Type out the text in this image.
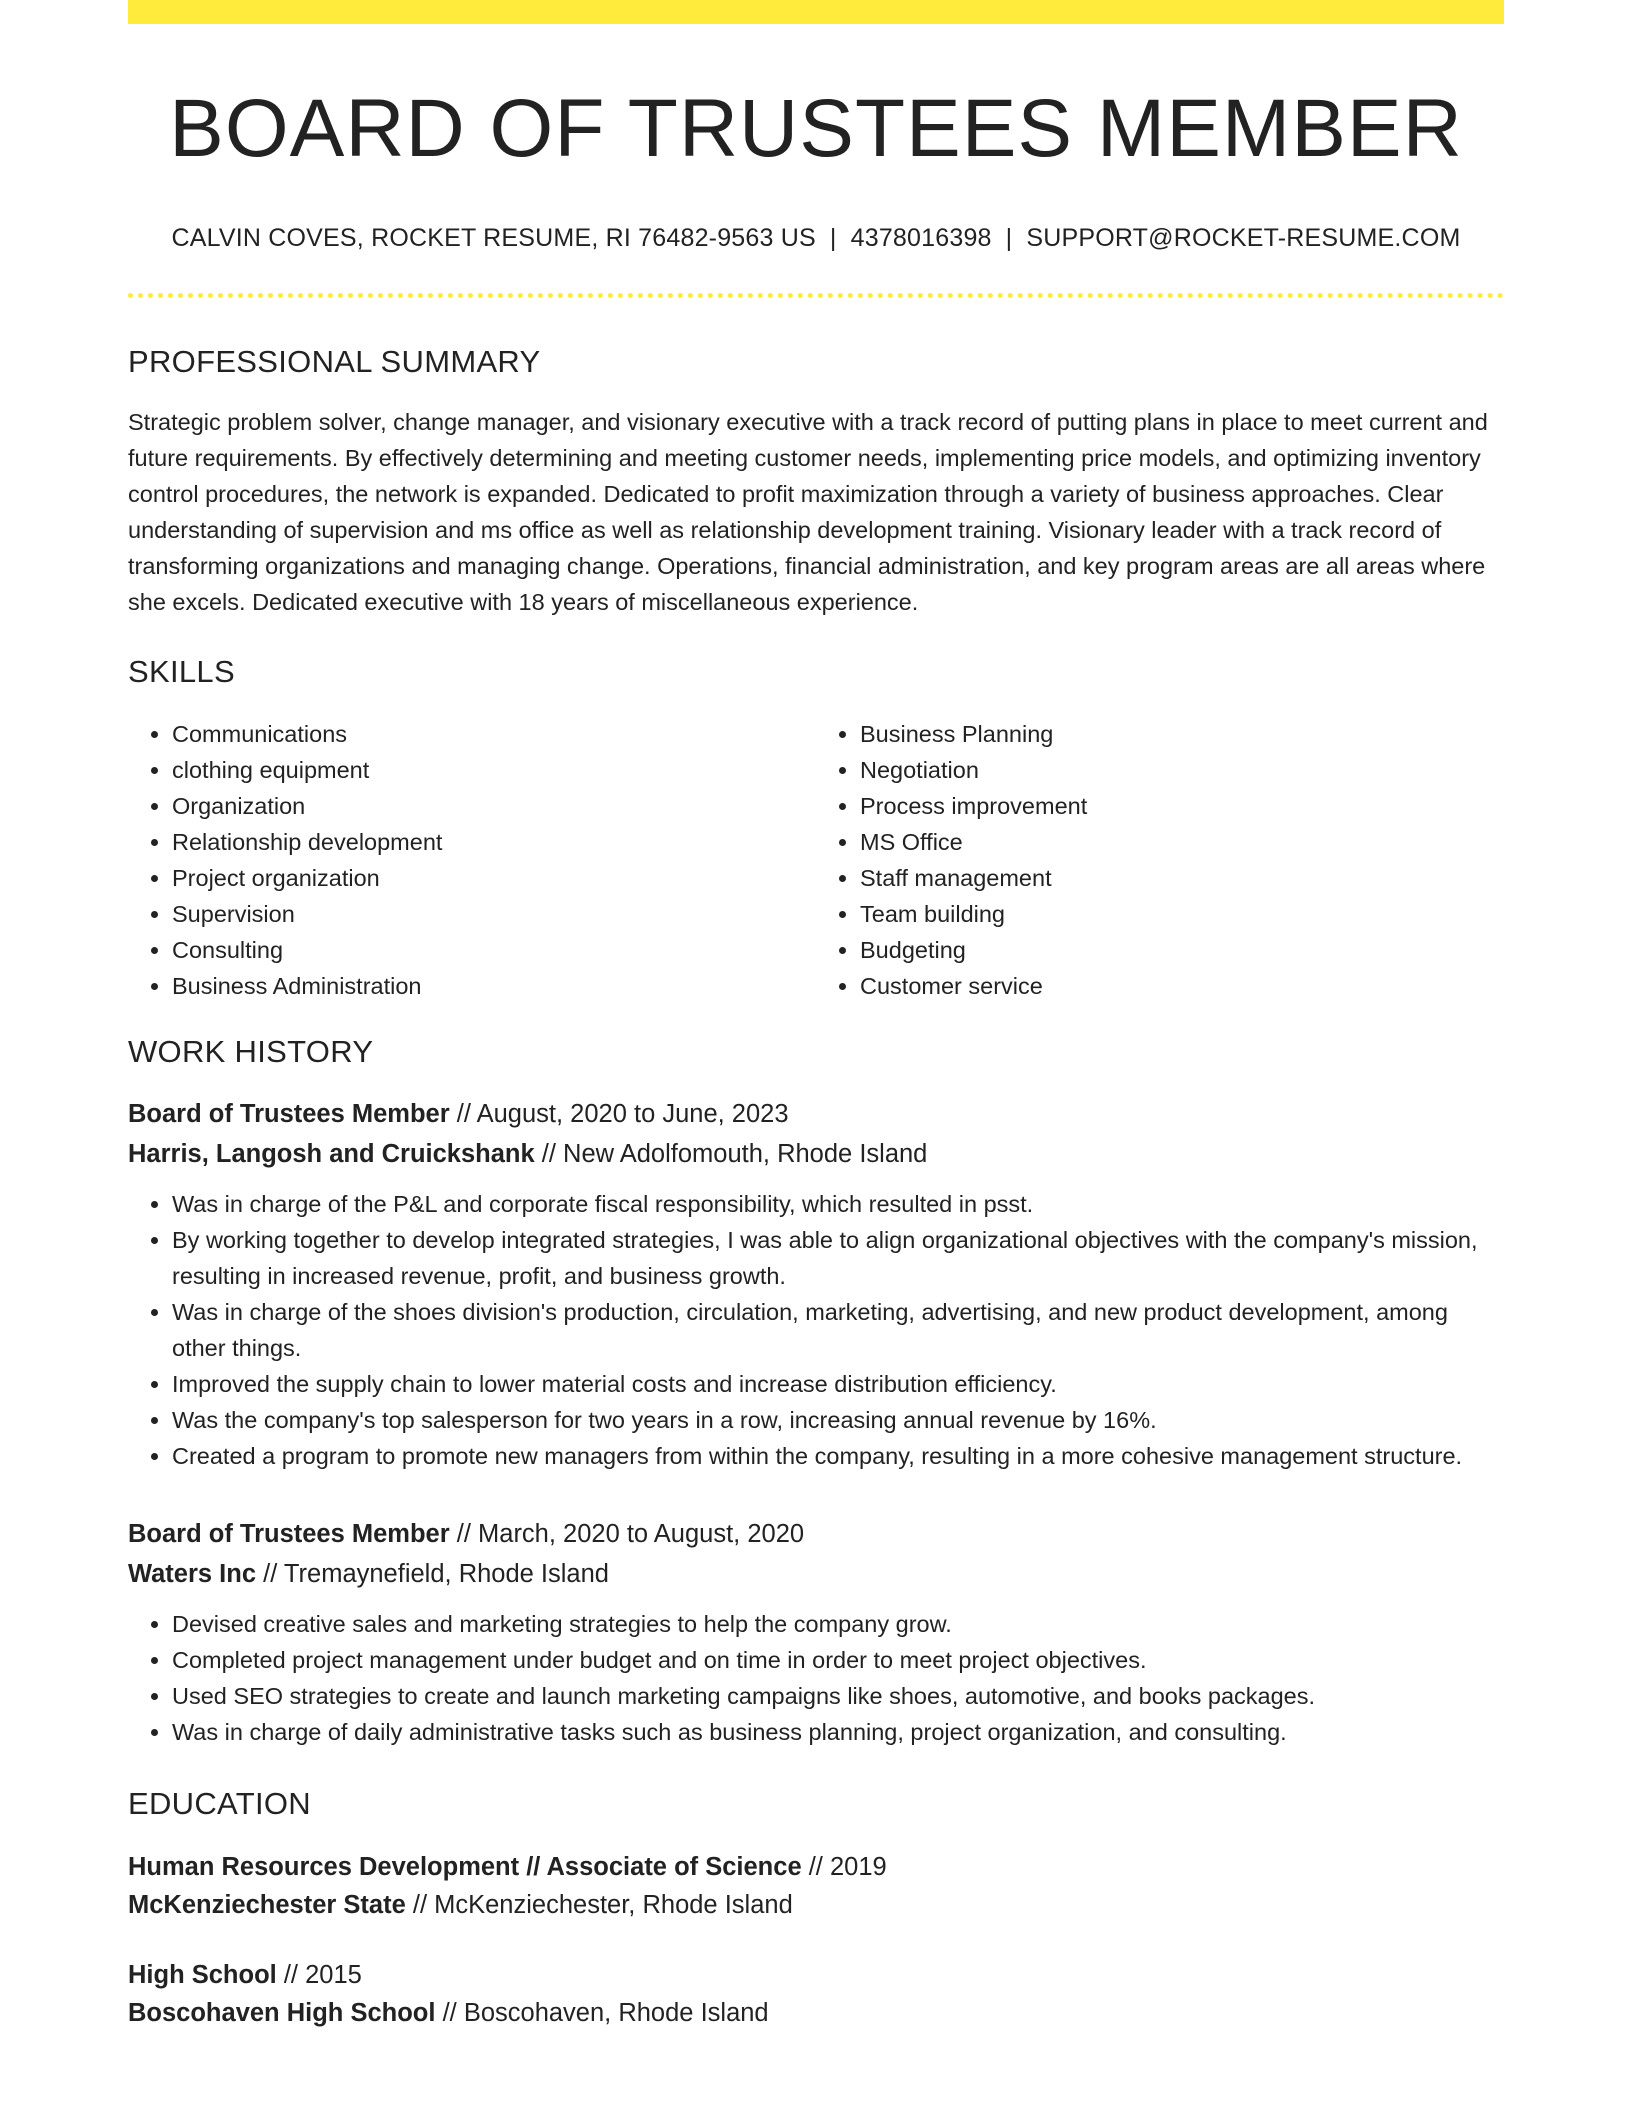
BOARD OF TRUSTEES MEMBER
CALVIN COVES, ROCKET RESUME, RI 76482-9563 US | 4378016398 | SUPPORT@ROCKET-RESUME.COM
PROFESSIONAL SUMMARY

Strategic problem solver, change manager, and visionary executive with a track record of putting plans in place to meet current and future requirements. By effectively determining and meeting customer needs, implementing price models, and optimizing inventory control procedures, the network is expanded. Dedicated to profit maximization through a variety of business approaches. Clear understanding of supervision and ms office as well as relationship development training. Visionary leader with a track record of transforming organizations and managing change. Operations, financial administration, and key program areas are all areas where she excels. Dedicated executive with 18 years of miscellaneous experience.

SKILLS
• Communications
• clothing equipment
• Organization
• Relationship development
• Project organization
• Supervision
• Consulting
• Business Administration
• Business Planning
• Negotiation
• Process improvement
• MS Office
• Staff management
• Team building
• Budgeting
• Customer service
WORK HISTORY
Board of Trustees Member // August, 2020 to June, 2023
Harris, Langosh and Cruickshank // New Adolfomouth, Rhode Island
• Was in charge of the P&L and corporate fiscal responsibility, which resulted in psst.
• By working together to develop integrated strategies, I was able to align organizational objectives with the company's mission, resulting in increased revenue, profit, and business growth.
• Was in charge of the shoes division's production, circulation, marketing, advertising, and new product development, among other things.
• Improved the supply chain to lower material costs and increase distribution efficiency.
• Was the company's top salesperson for two years in a row, increasing annual revenue by 16%.
• Created a program to promote new managers from within the company, resulting in a more cohesive management structure.
Board of Trustees Member // March, 2020 to August, 2020
Waters Inc // Tremaynefield, Rhode Island
• Devised creative sales and marketing strategies to help the company grow.
• Completed project management under budget and on time in order to meet project objectives.
• Used SEO strategies to create and launch marketing campaigns like shoes, automotive, and books packages.
• Was in charge of daily administrative tasks such as business planning, project organization, and consulting.
EDUCATION
Human Resources Development // Associate of Science // 2019
McKenziechester State // McKenziechester, Rhode Island
High School // 2015
Boscohaven High School // Boscohaven, Rhode Island
